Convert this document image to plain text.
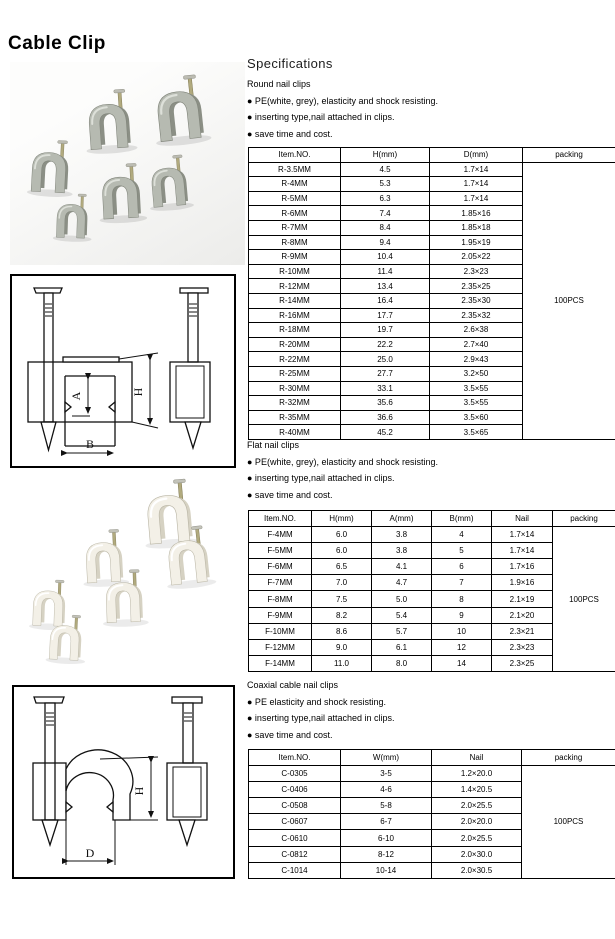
Cable Clip
Specifications
Round nail clips
● PE(white, grey), elasticity and shock resisting.
● inserting type,nail attached in clips.
● save time and cost.
Item.NO.	H(mm)	D(mm)	packing
R-3.5MM	4.5	1.7×14	100PCS
R-4MM	5.3	1.7×14	
R-5MM	6.3	1.7×14	
R-6MM	7.4	1.85×16	
R-7MM	8.4	1.85×18	
R-8MM	9.4	1.95×19	
R-9MM	10.4	2.05×22	
R-10MM	11.4	2.3×23	
R-12MM	13.4	2.35×25	
R-14MM	16.4	2.35×30	
R-16MM	17.7	2.35×32	
R-18MM	19.7	2.6×38	
R-20MM	22.2	2.7×40	
R-22MM	25.0	2.9×43	
R-25MM	27.7	3.2×50	
R-30MM	33.1	3.5×55	
R-32MM	35.6	3.5×55	
R-35MM	36.6	3.5×60	
R-40MM	45.2	3.5×65	
Flat nail clips
● PE(white, grey), elasticity and shock resisting.
● inserting type,nail attached in clips.
● save time and cost.
Item.NO.	H(mm)	A(mm)	B(mm)	Nail	packing
F-4MM	6.0	3.8	4	1.7×14	100PCS
F-5MM	6.0	3.8	5	1.7×14	
F-6MM	6.5	4.1	6	1.7×16	
F-7MM	7.0	4.7	7	1.9×16	
F-8MM	7.5	5.0	8	2.1×19	
F-9MM	8.2	5.4	9	2.1×20	
F-10MM	8.6	5.7	10	2.3×21	
F-12MM	9.0	6.1	12	2.3×23	
F-14MM	11.0	8.0	14	2.3×25	
Coaxial cable nail clips
● PE elasticity and shock resisting.
● inserting type,nail attached in clips.
● save time and cost.
Item.NO.	W(mm)	Nail	packing
C-0305	3-5	1.2×20.0	100PCS
C-0406	4-6	1.4×20.5	
C-0508	5-8	2.0×25.5	
C-0607	6-7	2.0×20.0	
C-0610	6-10	2.0×25.5	
C-0812	8-12	2.0×30.0	
C-1014	10-14	2.0×30.5	
A	H
B
H
D
